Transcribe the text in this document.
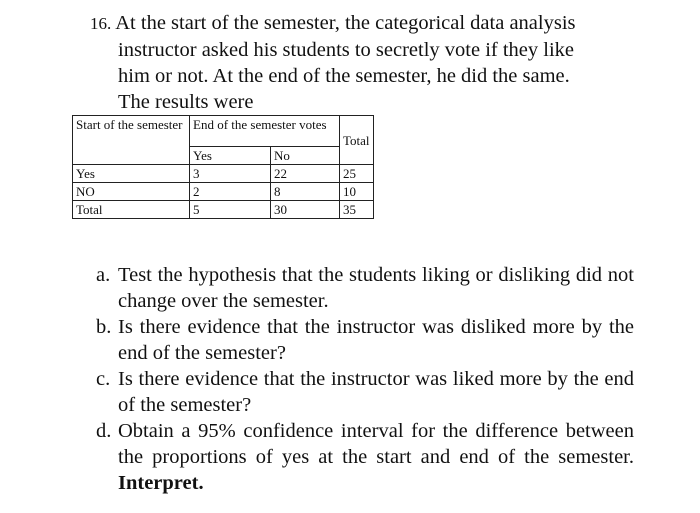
16. At the start of the semester, the categorical data analysis
instructor asked his students to secretly vote if they like
him or not. At the end of the semester, he did the same.
The results were
Start of the semester	End of the semester votes		Total
	Yes	No	
Yes	3	22	25
NO	2	8	10
Total	5	30	35

a. Test the hypothesis that the students liking or disliking did not change over the semester.

b. Is there evidence that the instructor was disliked more by the end of the semester?

c. Is there evidence that the instructor was liked more by the end of the semester?

d. Obtain a 95% confidence interval for the difference between the proportions of yes at the start and end of the semester. Interpret.
